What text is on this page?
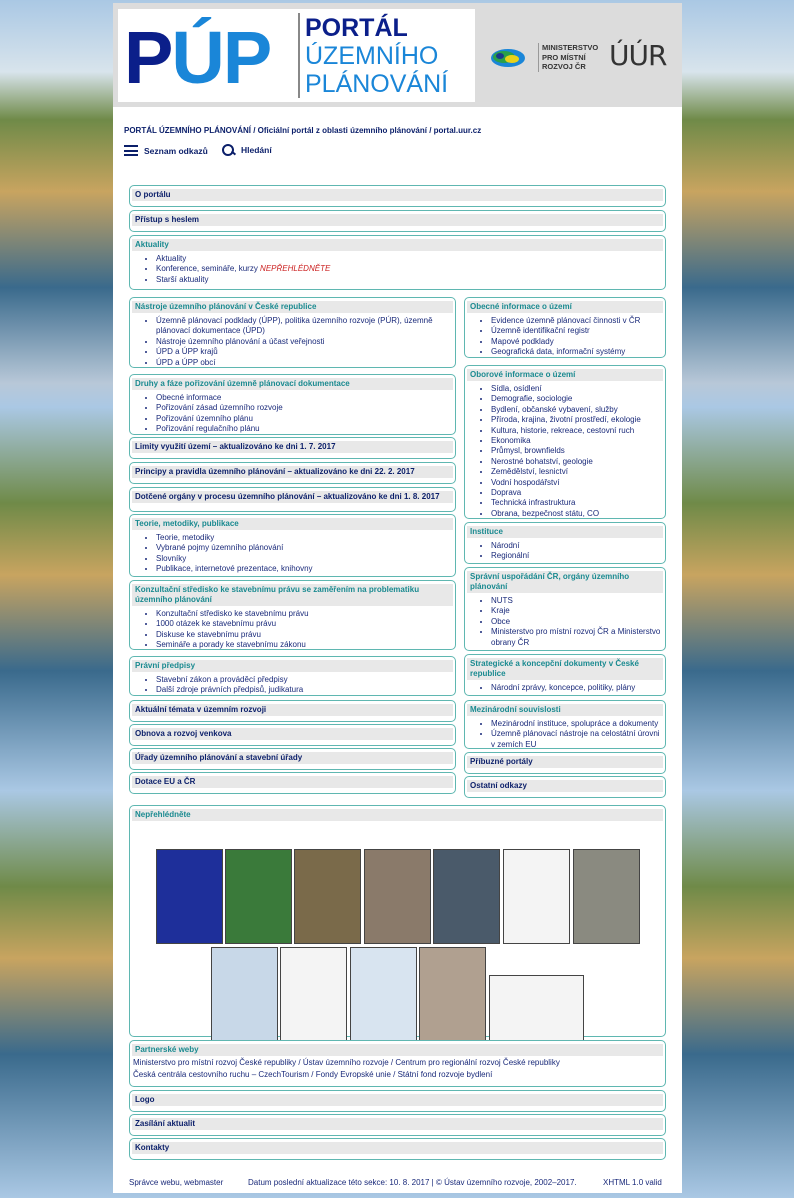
PÚP PORTÁL
ÚZEMNÍHO
PLÁNOVÁNÍ
MINISTERSTVO
PRO MÍSTNÍ
ROZVOJ ČR ÚÚR
PORTÁL ÚZEMNÍHO PLÁNOVÁNÍ / Oficiální portál z oblasti územního plánování / portal.uur.cz
Seznam odkazů
	Hledání
O portálu
Přístup s heslem
Aktuality
• Aktuality
• Konference, semináře, kurzy NEPŘEHLÉDNĚTE
• Starší aktuality
Nepřehlédněte
Partnerské weby
Ministerstvo pro místní rozvoj České republiky / Ústav územního rozvoje / Centrum pro regionální rozvoj České republiky
Česká centrála cestovního ruchu – CzechTourism / Fondy Evropské unie / Státní fond rozvoje bydlení
Logo
Zasílání aktualit
Kontakty
Správce webu, webmaster	Datum poslední aktualizace této sekce: 10. 8. 2017 | © Ústav územního rozvoje, 2002–2017.	XHTML 1.0 valid
Nástroje územního plánování v České republice
• Územně plánovací podklady (ÚPP), politika územního rozvoje (PÚR), územně plánovací dokumentace (ÚPD)
• Nástroje územního plánování a účast veřejnosti
• ÚPD a ÚPP krajů
• ÚPD a ÚPP obcí
Druhy a fáze pořizování územně plánovací dokumentace
• Obecné informace
• Pořizování zásad územního rozvoje
• Pořizování územního plánu
• Pořizování regulačního plánu
Limity využití území – aktualizováno ke dni 1. 7. 2017
Principy a pravidla územního plánování – aktualizováno ke dni 22. 2. 2017
Dotčené orgány v procesu územního plánování – aktualizováno ke dni 1. 8. 2017
Teorie, metodiky, publikace
• Teorie, metodiky
• Vybrané pojmy územního plánování
• Slovníky
• Publikace, internetové prezentace, knihovny
Konzultační středisko ke stavebnímu právu se zaměřením na problematiku územního plánování
• Konzultační středisko ke stavebnímu právu
• 1000 otázek ke stavebnímu právu
• Diskuse ke stavebnímu právu
• Semináře a porady ke stavebnímu zákonu
Právní předpisy
• Stavební zákon a prováděcí předpisy
• Další zdroje právních předpisů, judikatura
Aktuální témata v územním rozvoji
Obnova a rozvoj venkova
Úřady územního plánování a stavební úřady
Dotace EU a ČR
Obecné informace o území
• Evidence územně plánovací činnosti v ČR
• Územně identifikační registr
• Mapové podklady
• Geografická data, informační systémy
Oborové informace o území
• Sídla, osídlení
• Demografie, sociologie
• Bydlení, občanské vybavení, služby
• Příroda, krajina, životní prostředí, ekologie
• Kultura, historie, rekreace, cestovní ruch
• Ekonomika
• Průmysl, brownfields
• Nerostné bohatství, geologie
• Zemědělství, lesnictví
• Vodní hospodářství
• Doprava
• Technická infrastruktura
• Obrana, bezpečnost státu, CO
Instituce
• Národní
• Regionální
Správní uspořádání ČR, orgány územního plánování
• NUTS
• Kraje
• Obce
• Ministerstvo pro místní rozvoj ČR a Ministerstvo obrany ČR
Strategické a koncepční dokumenty v České republice
• Národní zprávy, koncepce, politiky, plány
Mezinárodní souvislosti
• Mezinárodní instituce, spolupráce a dokumenty
• Územně plánovací nástroje na celostátní úrovni v zemích EU
Příbuzné portály
Ostatní odkazy
